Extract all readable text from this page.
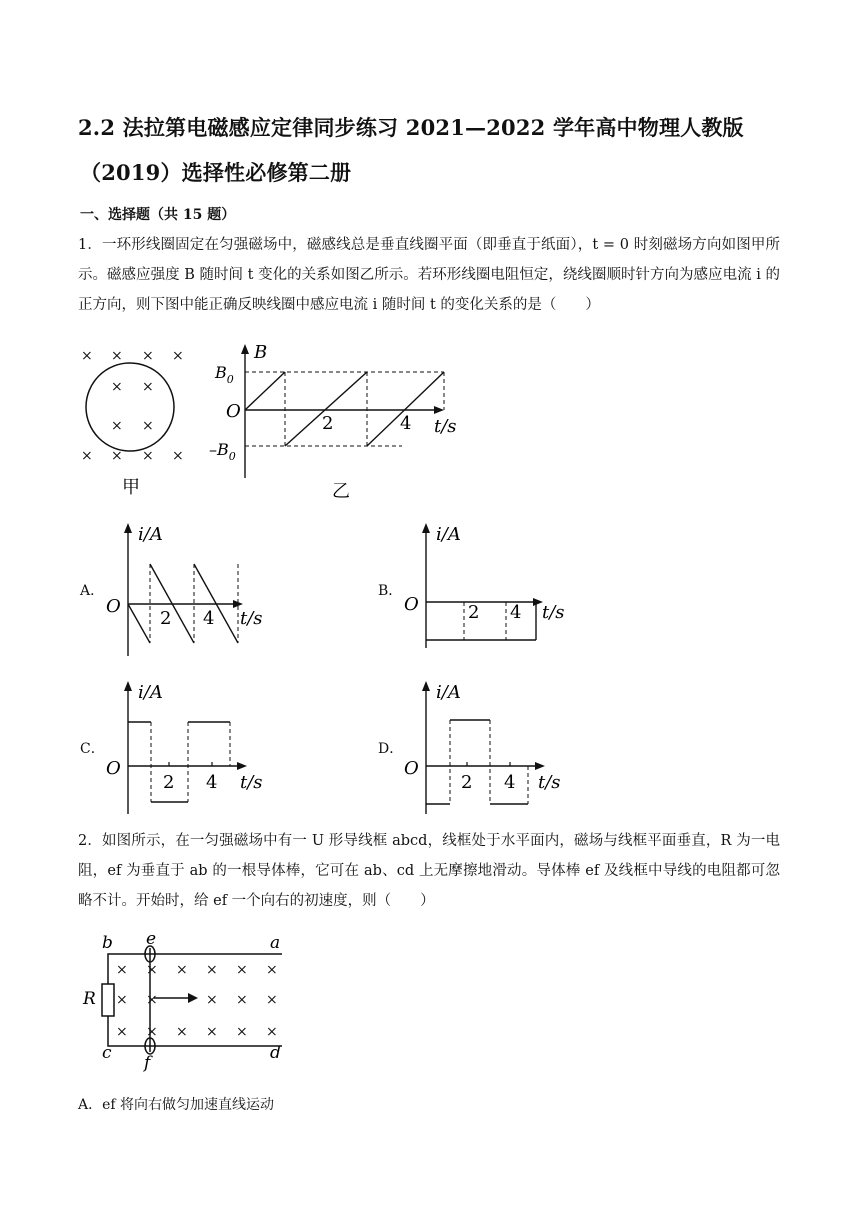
2.2 法拉第电磁感应定律同步练习 2021—2022 学年高中物理人教版
（2019）选择性必修第二册
一、选择题（共 15 题）
1．一环形线圈固定在匀强磁场中，磁感线总是垂直线圈平面（即垂直于纸面），t = 0 时刻磁场方向如图甲所示。磁感应强度 B 随时间 t 变化的关系如图乙所示。若环形线圈电阻恒定，绕线圈顺时针方向为感应电流 i 的正方向，则下图中能正确反映线圈中感应电流 i 随时间 t 的变化关系的是（　　）
× × × ×
× ×
× ×
× × × ×
甲
B
$B_0$
O
$-B_0$
2	4 t/s
乙
A．
i/A
O
2 4 t/s
B．
i/A
O	2 4 t/s
C．
i/A
O
2 4 t/s
D．
i/A
O
2 4 t/s
2．如图所示，在一匀强磁场中有一 U 形导线框 abcd，线框处于水平面内，磁场与线框平面垂直，R 为一电阻，ef 为垂直于 ab 的一根导体棒，它可在 ab、cd 上无摩擦地滑动。导体棒 ef 及线框中导线的电阻都可忽略不计。开始时，给 ef 一个向右的初速度，则（　　）
b e	a
c f	d
R
× × × × × ×
× ×	× × ×
× × × × × ×
A．ef 将向右做匀加速直线运动
